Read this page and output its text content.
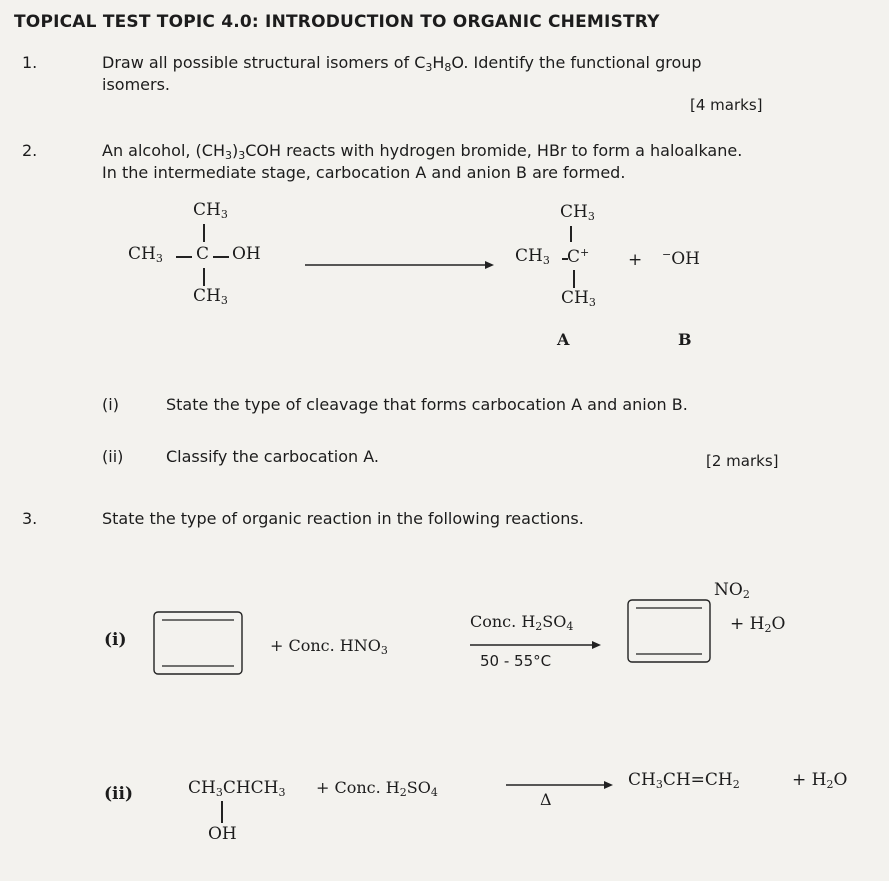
TOPICAL TEST TOPIC 4.0: INTRODUCTION TO ORGANIC CHEMISTRY
1.	Draw all possible structural isomers of $C_3H_8O$. Identify the functional group
isomers.
[4 marks]
2.	An alcohol, $(CH_3)_3COH$ reacts with hydrogen bromide, HBr to form a haloalkane.
In the intermediate stage, carbocation A and anion B are formed.
$CH_3$
$CH_3$ C OH
$CH_3$
$CH_3$
$CH_3$ C+
$CH_3$
A
+ −OH
B
(i)	State the type of cleavage that forms carbocation A and anion B.
(ii)	Classify the carbocation A.	[2 marks]
3.	State the type of organic reaction in the following reactions.
(i)	+ Conc. $HNO_3$
Conc. $H_2SO_4$
50 - 55°C
$NO_2$
+ $H_2O$
(ii)	$CH_3CHCH_3$
OH
+ Conc. $H_2SO_4$	Δ
$CH_3CH=CH_2$	+ $H_2O$
